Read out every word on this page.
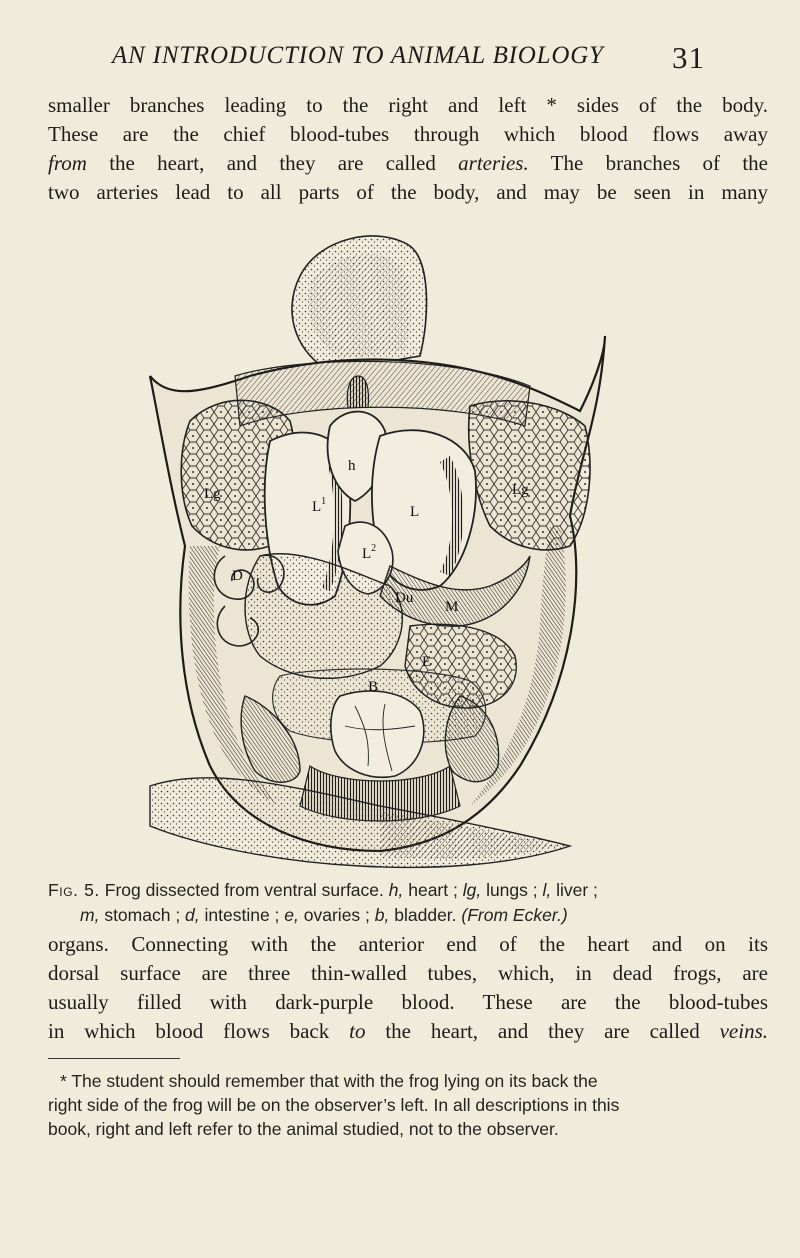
AN INTRODUCTION TO ANIMAL BIOLOGY 31
smaller branches leading to the right and left * sides of the body.
These are the chief blood-tubes through which blood flows away
from the heart, and they are called arteries. The branches of the
two arteries lead to all parts of the body, and may be seen in many
h
$L^1$
L
$L^2$
Lg	Lg
D
Du
M
E
B
Fig. 5. Frog dissected from ventral surface. h, heart ; lg, lungs ; l, liver ;
m, stomach ; d, intestine ; e, ovaries ; b, bladder. (From Ecker.)
organs. Connecting with the anterior end of the heart and on its
dorsal surface are three thin-walled tubes, which, in dead frogs, are
usually filled with dark-purple blood. These are the blood-tubes
in which blood flows back to the heart, and they are called veins.
* The student should remember that with the frog lying on its back the
right side of the frog will be on the observer’s left. In all descriptions in this
book, right and left refer to the animal studied, not to the observer.
